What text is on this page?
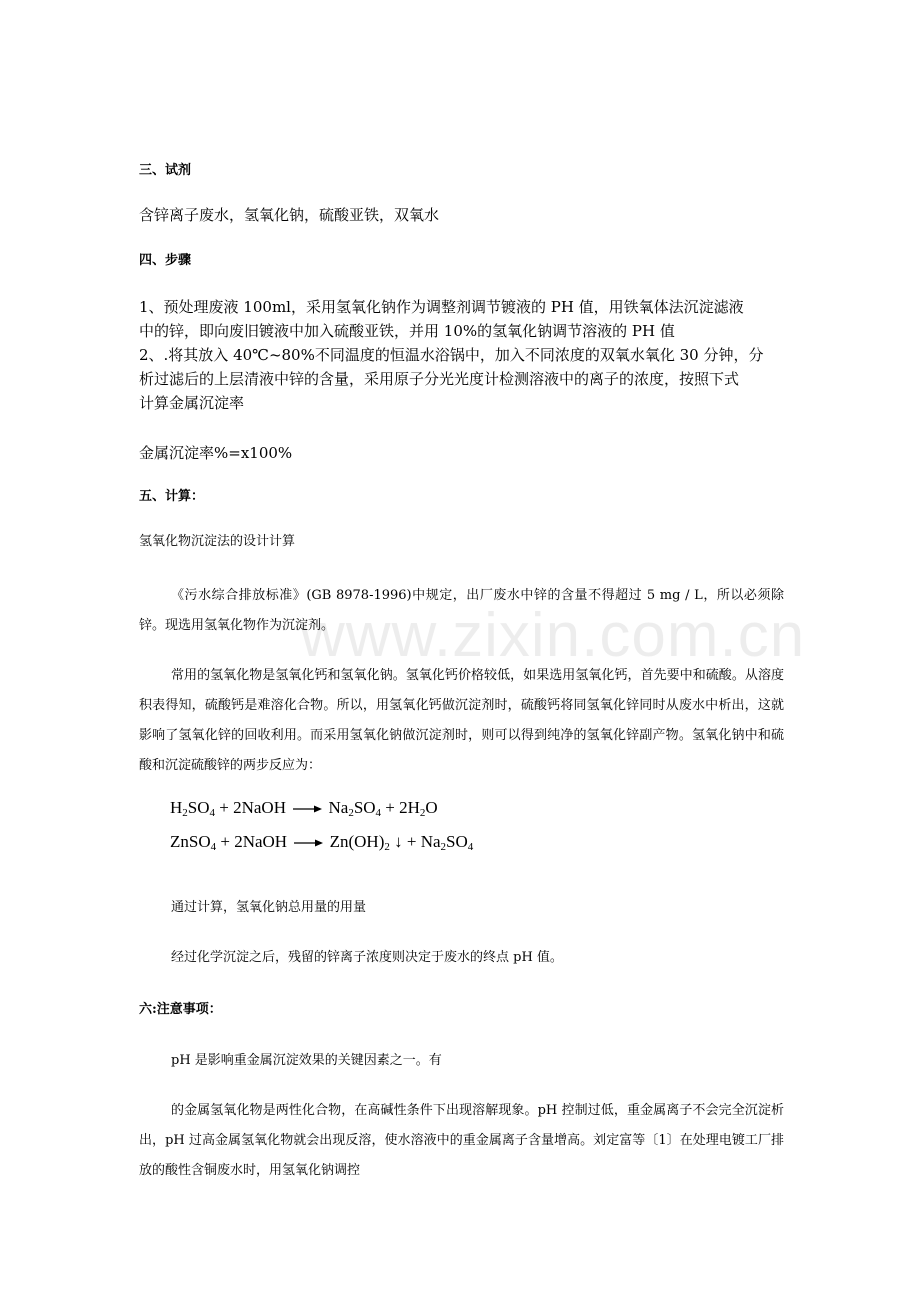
www.zixin.com.cn
三、试剂
含锌离子废水，氢氧化钠，硫酸亚铁，双氧水
四、步骤
1、预处理废液 100ml，采用氢氧化钠作为调整剂调节镀液的 PH 值，用铁氧体法沉淀滤液
中的锌，即向废旧镀液中加入硫酸亚铁，并用 10%的氢氧化钠调节溶液的 PH 值
2、.将其放入 40℃~80%不同温度的恒温水浴锅中，加入不同浓度的双氧水氧化 30 分钟，分
析过滤后的上层清液中锌的含量，采用原子分光光度计检测溶液中的离子的浓度，按照下式
计算金属沉淀率
金属沉淀率%=x100%
五、计算：
氢氧化物沉淀法的设计计算
《污水综合排放标准》(GB 8978-1996)中规定，出厂废水中锌的含量不得超过 5 mg / L，所以必须除锌。现选用氢氧化物作为沉淀剂。
常用的氢氧化物是氢氧化钙和氢氧化钠。氢氧化钙价格较低，如果选用氢氧化钙，首先要中和硫酸。从溶度积表得知，硫酸钙是难溶化合物。所以，用氢氧化钙做沉淀剂时，硫酸钙将同氢氧化锌同时从废水中析出，这就影响了氢氧化锌的回收利用。而采用氢氧化钠做沉淀剂时，则可以得到纯净的氢氧化锌副产物。氢氧化钠中和硫酸和沉淀硫酸锌的两步反应为：
$H_2SO_4$ + 2NaOH → $Na_2SO_4 + 2H_2O$
ZnSO$_4$ + 2NaOH → $Zn(OH)_2$ ↓ + $Na_2SO_4$
通过计算，氢氧化钠总用量的用量
经过化学沉淀之后，残留的锌离子浓度则决定于废水的终点 pH 值。
六:注意事项：
pH 是影响重金属沉淀效果的关键因素之一。有
的金属氢氧化物是两性化合物，在高碱性条件下出现溶解现象。pH 控制过低，重金属离子不会完全沉淀析出，pH 过高金属氢氧化物就会出现反溶，使水溶液中的重金属离子含量增高。刘定富等〔1〕在处理电镀工厂排放的酸性含铜废水时，用氢氧化钠调控
